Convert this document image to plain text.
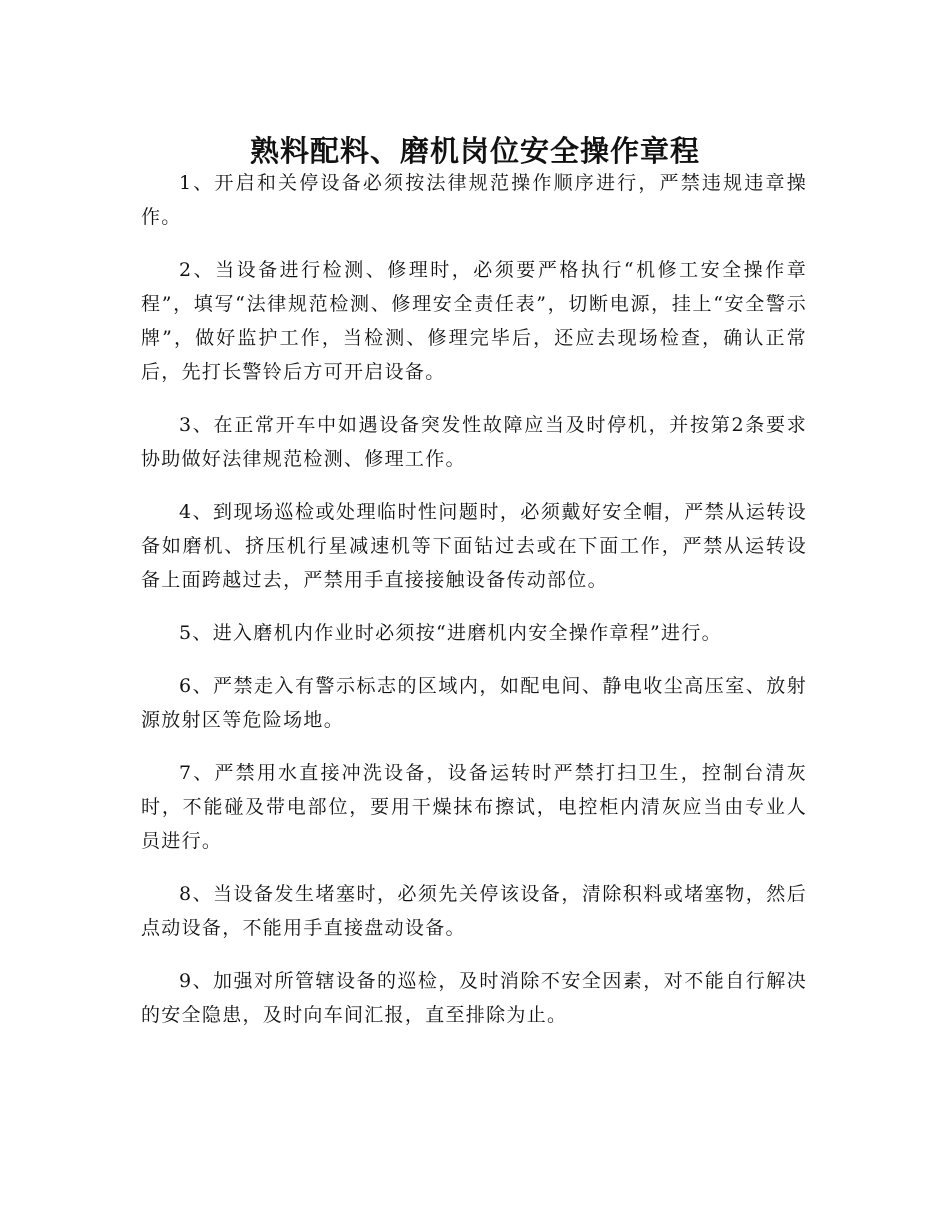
熟料配料、磨机岗位安全操作章程

1、开启和关停设备必须按法律规范操作顺序进行，严禁违规违章操作。

2、当设备进行检测、修理时，必须要严格执行“机修工安全操作章程”，填写“法律规范检测、修理安全责任表”，切断电源，挂上“安全警示牌”，做好监护工作，当检测、修理完毕后，还应去现场检查，确认正常后，先打长警铃后方可开启设备。

3、在正常开车中如遇设备突发性故障应当及时停机，并按第2条要求协助做好法律规范检测、修理工作。

4、到现场巡检或处理临时性问题时，必须戴好安全帽，严禁从运转设备如磨机、挤压机行星减速机等下面钻过去或在下面工作，严禁从运转设备上面跨越过去，严禁用手直接接触设备传动部位。

5、进入磨机内作业时必须按“进磨机内安全操作章程”进行。

6、严禁走入有警示标志的区域内，如配电间、静电收尘高压室、放射源放射区等危险场地。

7、严禁用水直接冲洗设备，设备运转时严禁打扫卫生，控制台清灰时，不能碰及带电部位，要用干燥抹布擦试，电控柜内清灰应当由专业人员进行。

8、当设备发生堵塞时，必须先关停该设备，清除积料或堵塞物，然后点动设备，不能用手直接盘动设备。

9、加强对所管辖设备的巡检，及时消除不安全因素，对不能自行解决的安全隐患，及时向车间汇报，直至排除为止。
